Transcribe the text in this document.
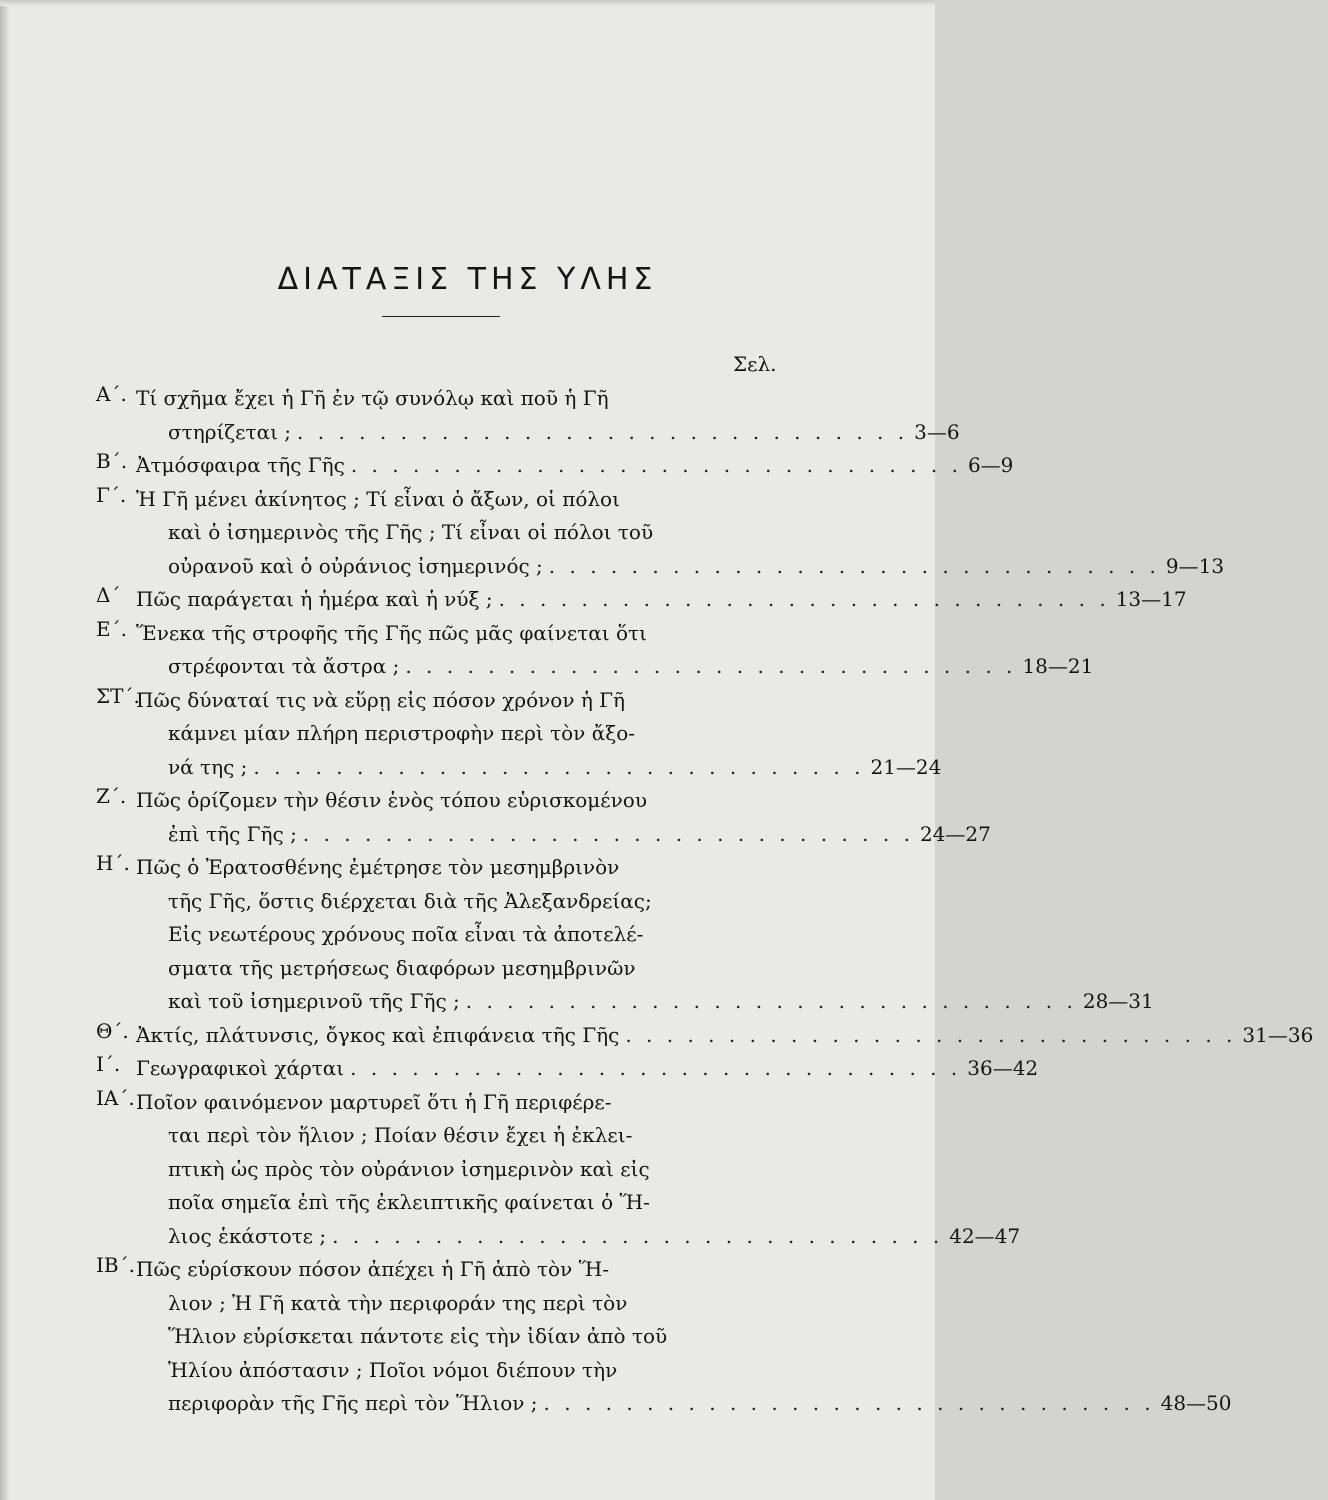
ΔΙΑΤΑΞΙΣ ΤΗΣ ΥΛΗΣ
Σελ.
Α΄. Τί σχῆμα ἔχει ἡ Γῆ ἐν τῷ συνόλῳ καὶ ποῦ ἡ Γῆ
στηρίζεται ; . . . . . . . . . . . . . . . . . . . . . . . . . . . . . . 3—6
Β΄. Ἀτμόσφαιρα τῆς Γῆς . . . . . . . . . . . . . . . . . . . . . . . . . . . . . . 6—9
Γ΄. Ἡ Γῆ μένει ἀκίνητος ; Τί εἶναι ὁ ἄξων, οἱ πόλοι
καὶ ὁ ἰσημερινὸς τῆς Γῆς ; Τί εἶναι οἱ πόλοι τοῦ
οὐρανοῦ καὶ ὁ οὐράνιος ἰσημερινός ; . . . . . . . . . . . . . . . . . . . . . . . . . . . . . . 9—13
Δ΄ Πῶς παράγεται ἡ ἡμέρα καὶ ἡ νύξ ; . . . . . . . . . . . . . . . . . . . . . . . . . . . . . . 13—17
Ε΄. Ἕνεκα τῆς στροφῆς τῆς Γῆς πῶς μᾶς φαίνεται ὅτι
στρέφονται τὰ ἄστρα ; . . . . . . . . . . . . . . . . . . . . . . . . . . . . . . 18—21
ΣΤ΄.
Πῶς δύναταί τις νὰ εὕρῃ εἰς πόσον χρόνον ἡ Γῆ
κάμνει μίαν πλήρη περιστροφὴν περὶ τὸν ἄξο-
νά της ; . . . . . . . . . . . . . . . . . . . . . . . . . . . . . . 21—24
Ζ΄. Πῶς ὁρίζομεν τὴν θέσιν ἑνὸς τόπου εὑρισκομένου
ἐπὶ τῆς Γῆς ; . . . . . . . . . . . . . . . . . . . . . . . . . . . . . . 24—27
Η΄. Πῶς ὁ Ἐρατοσθένης ἐμέτρησε τὸν μεσημβρινὸν
τῆς Γῆς, ὅστις διέρχεται διὰ τῆς Ἀλεξανδρείας;
Εἰς νεωτέρους χρόνους ποῖα εἶναι τὰ ἀποτελέ-
σματα τῆς μετρήσεως διαφόρων μεσημβρινῶν
καὶ τοῦ ἰσημερινοῦ τῆς Γῆς ; . . . . . . . . . . . . . . . . . . . . . . . . . . . . . . 28—31
Θ΄. Ἀκτίς, πλάτυνσις, ὄγκος καὶ ἐπιφάνεια τῆς Γῆς . . . . . . . . . . . . . . . . . . . . . . . . . . . . . . 31—36
Ι΄. Γεωγραφικοὶ χάρται . . . . . . . . . . . . . . . . . . . . . . . . . . . . . . 36—42
ΙΑ΄. Ποῖον φαινόμενον μαρτυρεῖ ὅτι ἡ Γῆ περιφέρε-
ται περὶ τὸν ἥλιον ; Ποίαν θέσιν ἔχει ἡ ἐκλει-
πτικὴ ὡς πρὸς τὸν οὐράνιον ἰσημερινὸν καὶ εἰς
ποῖα σημεῖα ἐπὶ τῆς ἐκλειπτικῆς φαίνεται ὁ Ἥ-
λιος ἑκάστοτε ; . . . . . . . . . . . . . . . . . . . . . . . . . . . . . . 42—47
ΙΒ΄. Πῶς εὑρίσκουν πόσον ἀπέχει ἡ Γῆ ἀπὸ τὸν Ἥ-
λιον ; Ἡ Γῆ κατὰ τὴν περιφοράν της περὶ τὸν
Ἥλιον εὑρίσκεται πάντοτε εἰς τὴν ἰδίαν ἀπὸ τοῦ
Ἡλίου ἀπόστασιν ; Ποῖοι νόμοι διέπουν τὴν
περιφορὰν τῆς Γῆς περὶ τὸν Ἥλιον ; . . . . . . . . . . . . . . . . . . . . . . . . . . . . . . 48—50
